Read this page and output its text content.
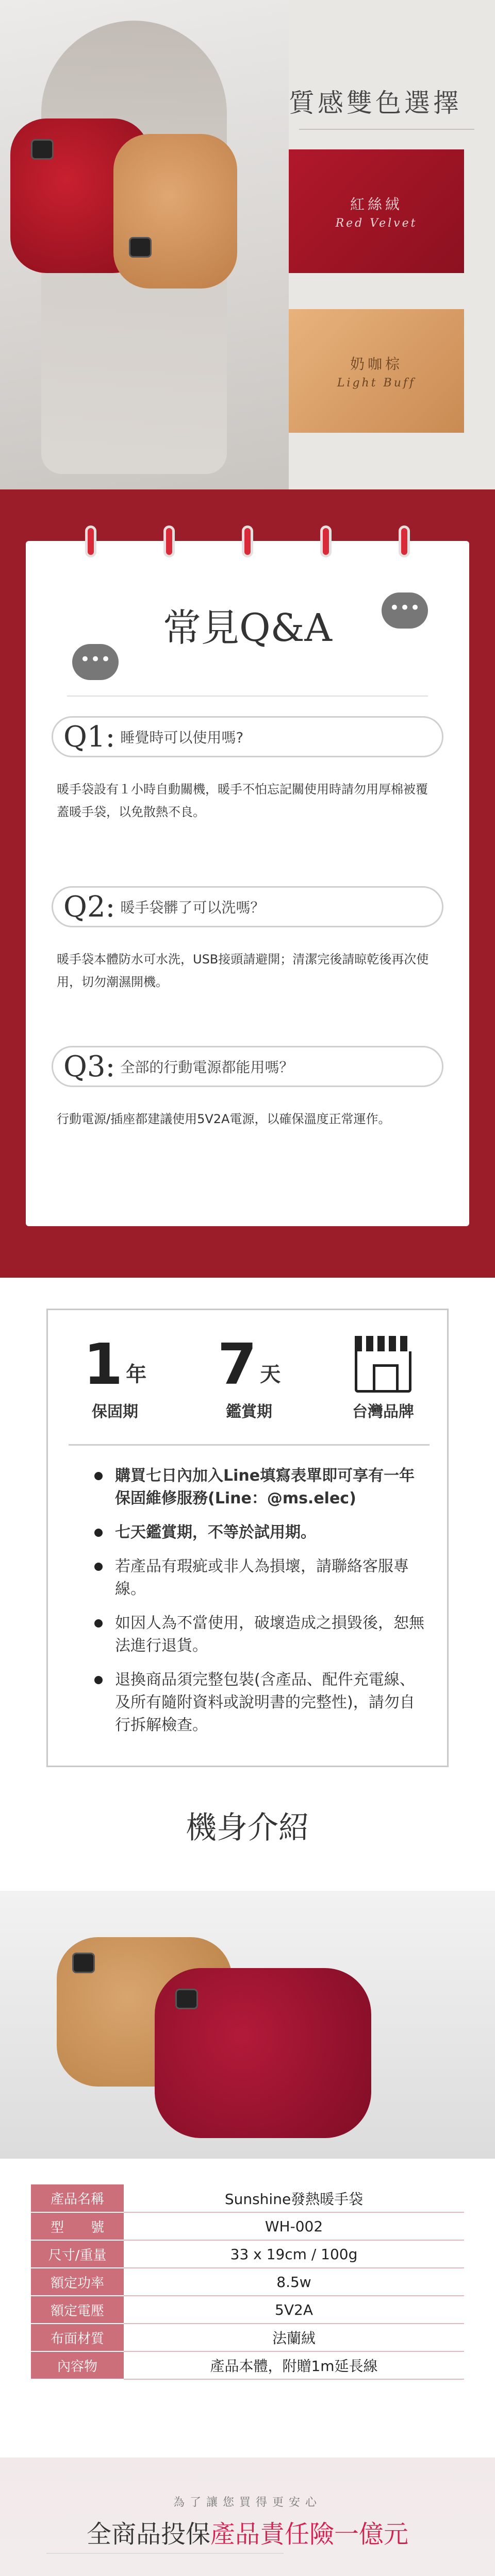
質感雙色選擇
紅絲絨
Red Velvet
奶咖棕
Light Buff
•••
•••
常見Q&A
Q1: 睡覺時可以使用嗎?
暖手袋設有１小時自動關機，暖手不怕忘記關使用時請勿用厚棉被覆蓋暖手袋，以免散熱不良。
Q2: 暖手袋髒了可以洗嗎？
暖手袋本體防水可水洗，USB接頭請避開；清潔完後請晾乾後再次使用，切勿潮濕開機。
Q3: 全部的行動電源都能用嗎？
行動電源/插座都建議使用5V2A電源，以確保溫度正常運作。
1 年
保固期
7 天
鑑賞期	台灣品牌
購買七日內加入Line填寫表單即可享有一年保固維修服務(Line：@ms.elec)
七天鑑賞期，不等於試用期。
若產品有瑕疵或非人為損壞，請聯絡客服專線。
如因人為不當使用，破壞造成之損毀後，恕無法進行退貨。
退換商品須完整包裝(含產品、配件充電線、及所有隨附資料或說明書的完整性)，請勿自行拆解檢查。
機身介紹
產品名稱	Sunshine發熱暖手袋
型　　號	WH-002
尺寸/重量	33 x 19cm / 100g
額定功率	8.5w
額定電壓	5V2A
布面材質	法蘭絨
內容物	產品本體，附贈1m延長線
為了讓您買得更安心
全商品投保產品責任險一億元
